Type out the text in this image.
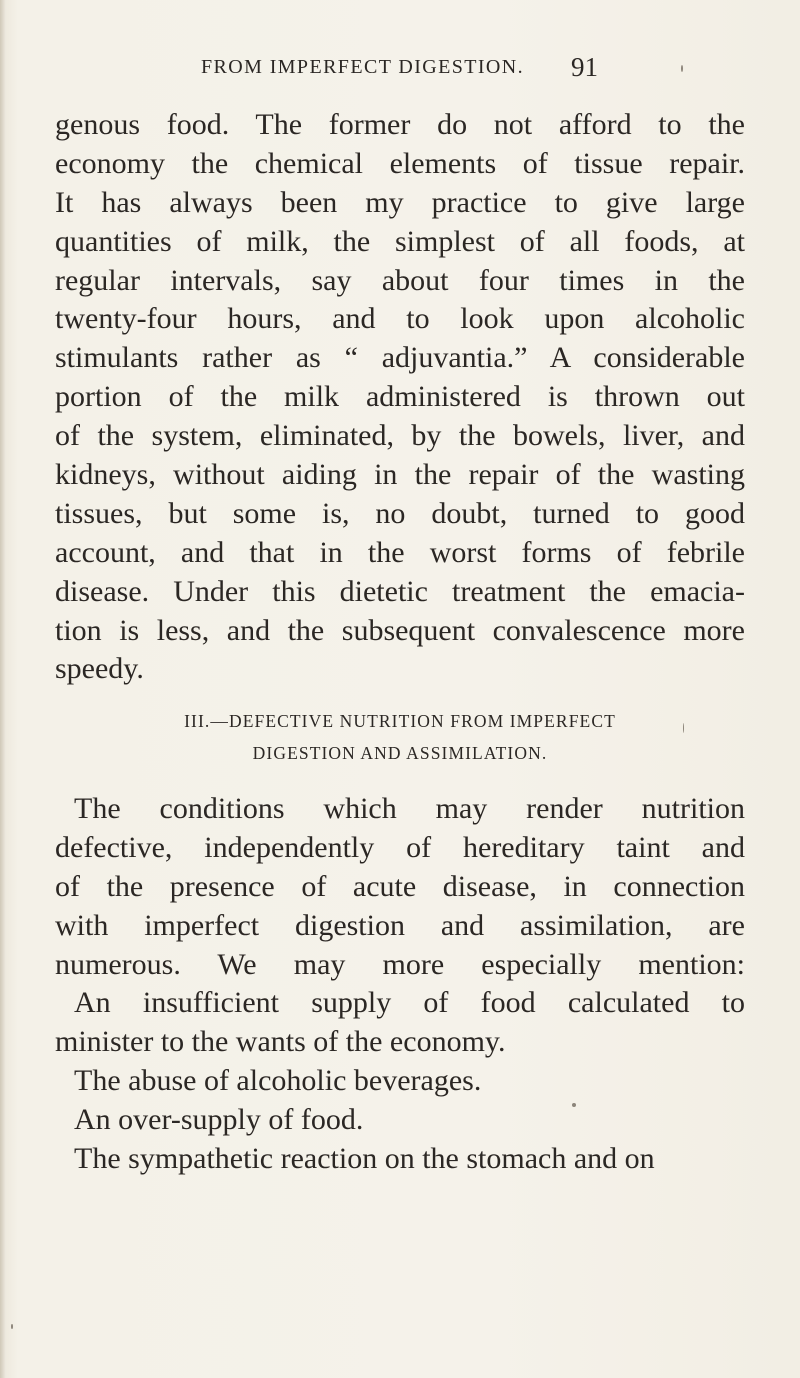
FROM IMPERFECT DIGESTION. 91
genous food. The former do not afford to the
economy the chemical elements of tissue repair.
It has always been my practice to give large
quantities of milk, the simplest of all foods, at
regular intervals, say about four times in the
twenty-four hours, and to look upon alcoholic
stimulants rather as “ adjuvantia.” A considerable
portion of the milk administered is thrown out
of the system, eliminated, by the bowels, liver, and
kidneys, without aiding in the repair of the wasting
tissues, but some is, no doubt, turned to good
account, and that in the worst forms of febrile
disease. Under this dietetic treatment the emacia-
tion is less, and the subsequent convalescence more
speedy.
III.—DEFECTIVE NUTRITION FROM IMPERFECT
DIGESTION AND ASSIMILATION.
The conditions which may render nutrition
defective, independently of hereditary taint and
of the presence of acute disease, in connection
with imperfect digestion and assimilation, are
numerous. We may more especially mention:
An insufficient supply of food calculated to
minister to the wants of the economy.
The abuse of alcoholic beverages.
An over-supply of food.
The sympathetic reaction on the stomach and on
